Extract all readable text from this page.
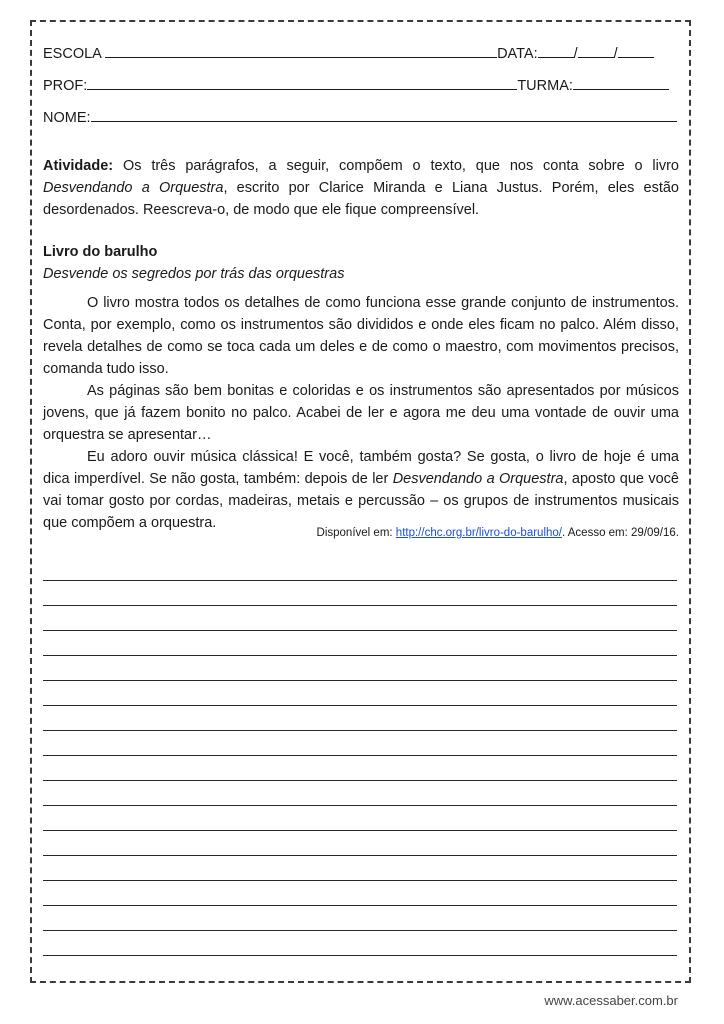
ESCOLA	DATA: / /
PROF:	TURMA:
NOME:
Atividade: Os três parágrafos, a seguir, compõem o texto, que nos conta sobre o livro Desvendando a Orquestra, escrito por Clarice Miranda e Liana Justus. Porém, eles estão desordenados. Reescreva-o, de modo que ele fique compreensível.
Livro do barulho
Desvende os segredos por trás das orquestras

O livro mostra todos os detalhes de como funciona esse grande conjunto de instrumentos. Conta, por exemplo, como os instrumentos são divididos e onde eles ficam no palco. Além disso, revela detalhes de como se toca cada um deles e de como o maestro, com movimentos precisos, comanda tudo isso.

As páginas são bem bonitas e coloridas e os instrumentos são apresentados por músicos jovens, que já fazem bonito no palco. Acabei de ler e agora me deu uma vontade de ouvir uma orquestra se apresentar…

Eu adoro ouvir música clássica! E você, também gosta? Se gosta, o livro de hoje é uma dica imperdível. Se não gosta, também: depois de ler Desvendando a Orquestra, aposto que você vai tomar gosto por cordas, madeiras, metais e percussão – os grupos de instrumentos musicais que compõem a orquestra.

Disponível em: http://chc.org.br/livro-do-barulho/. Acesso em: 29/09/16.
www.acessaber.com.br
